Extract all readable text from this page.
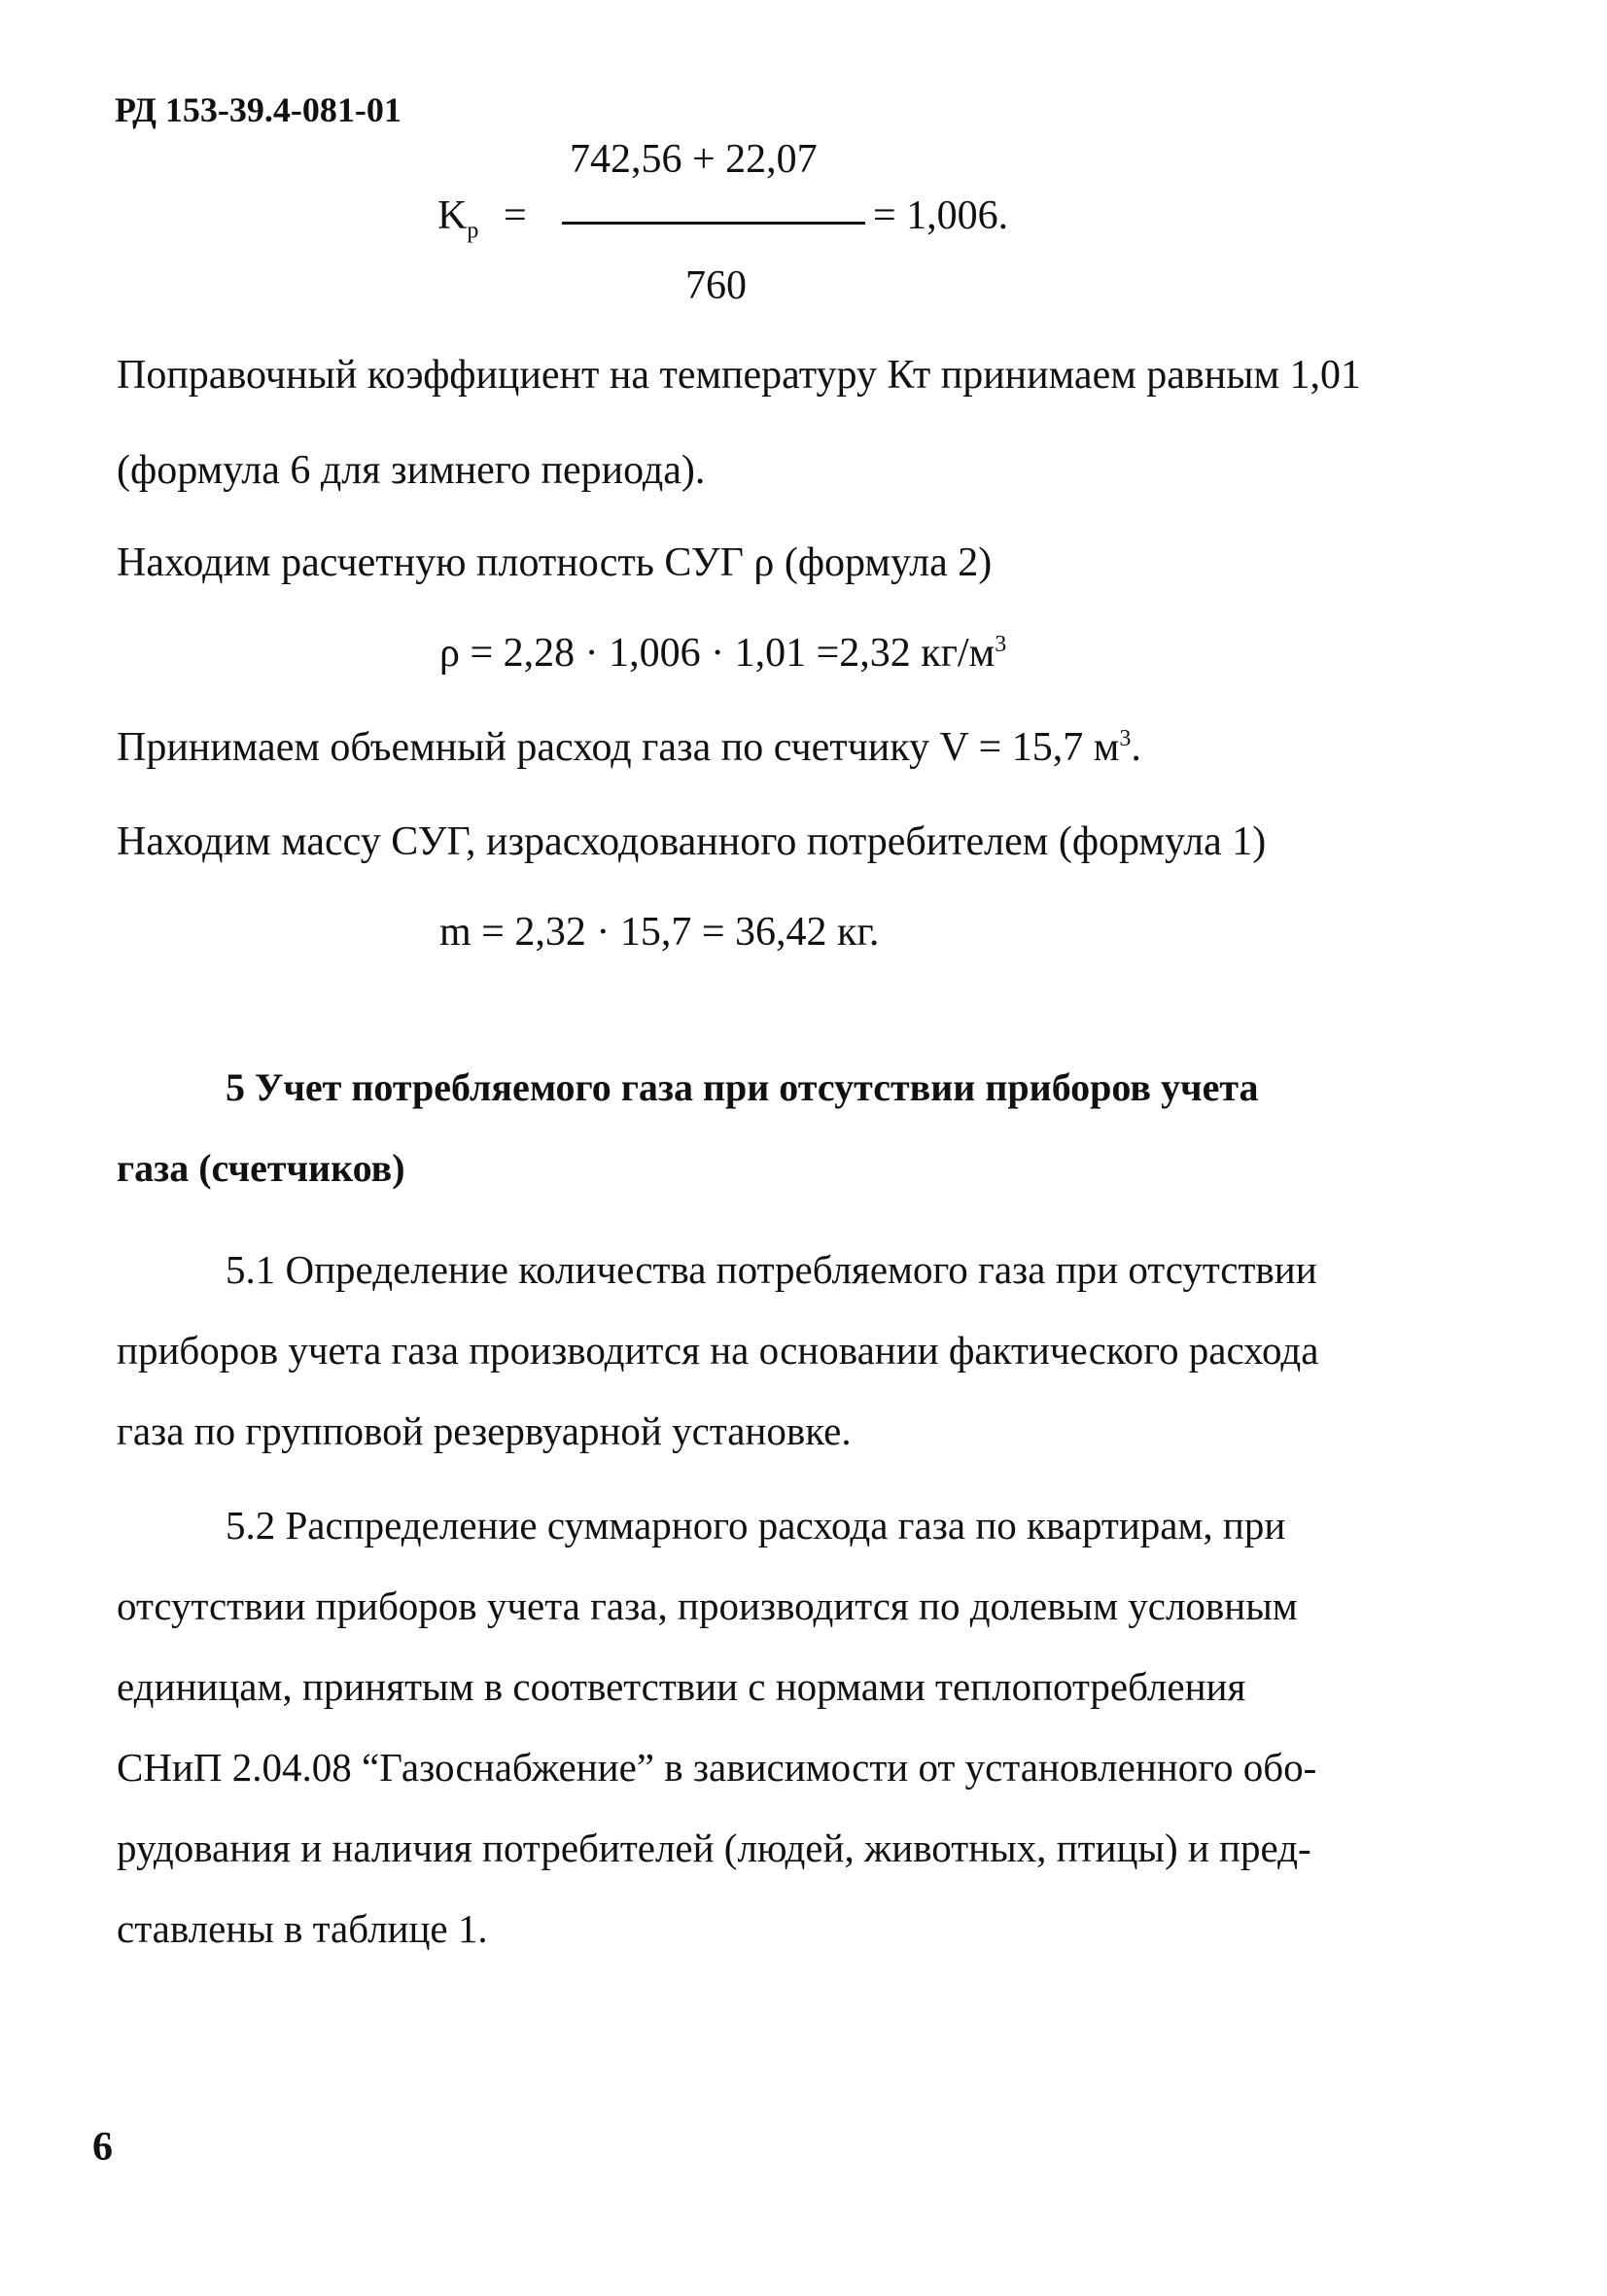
РД 153-39.4-081-01
742,56 + 22,07
$K_р$ =	= 1,006.
760
Поправочный коэффициент на температуру Кт принимаем равным 1,01
(формула 6 для зимнего периода).
Находим расчетную плотность СУГ ρ (формула 2)
ρ = 2,28 · 1,006 · 1,01 =2,32 $кг/м^3$
Принимаем объемный расход газа по счетчику V = 15,7 $м^3$.
Находим массу СУГ, израсходованного потребителем (формула 1)
m = 2,32 · 15,7 = 36,42 кг.
5 Учет потребляемого газа при отсутствии приборов учета
газа (счетчиков)
5.1 Определение количества потребляемого газа при отсутствии
приборов учета газа производится на основании фактического расхода
газа по групповой резервуарной установке.
5.2 Распределение суммарного расхода газа по квартирам, при
отсутствии приборов учета газа, производится по долевым условным
единицам, принятым в соответствии с нормами теплопотребления
СНиП 2.04.08 “Газоснабжение” в зависимости от установленного обо-
рудования и наличия потребителей (людей, животных, птицы) и пред-
ставлены в таблице 1.
6
